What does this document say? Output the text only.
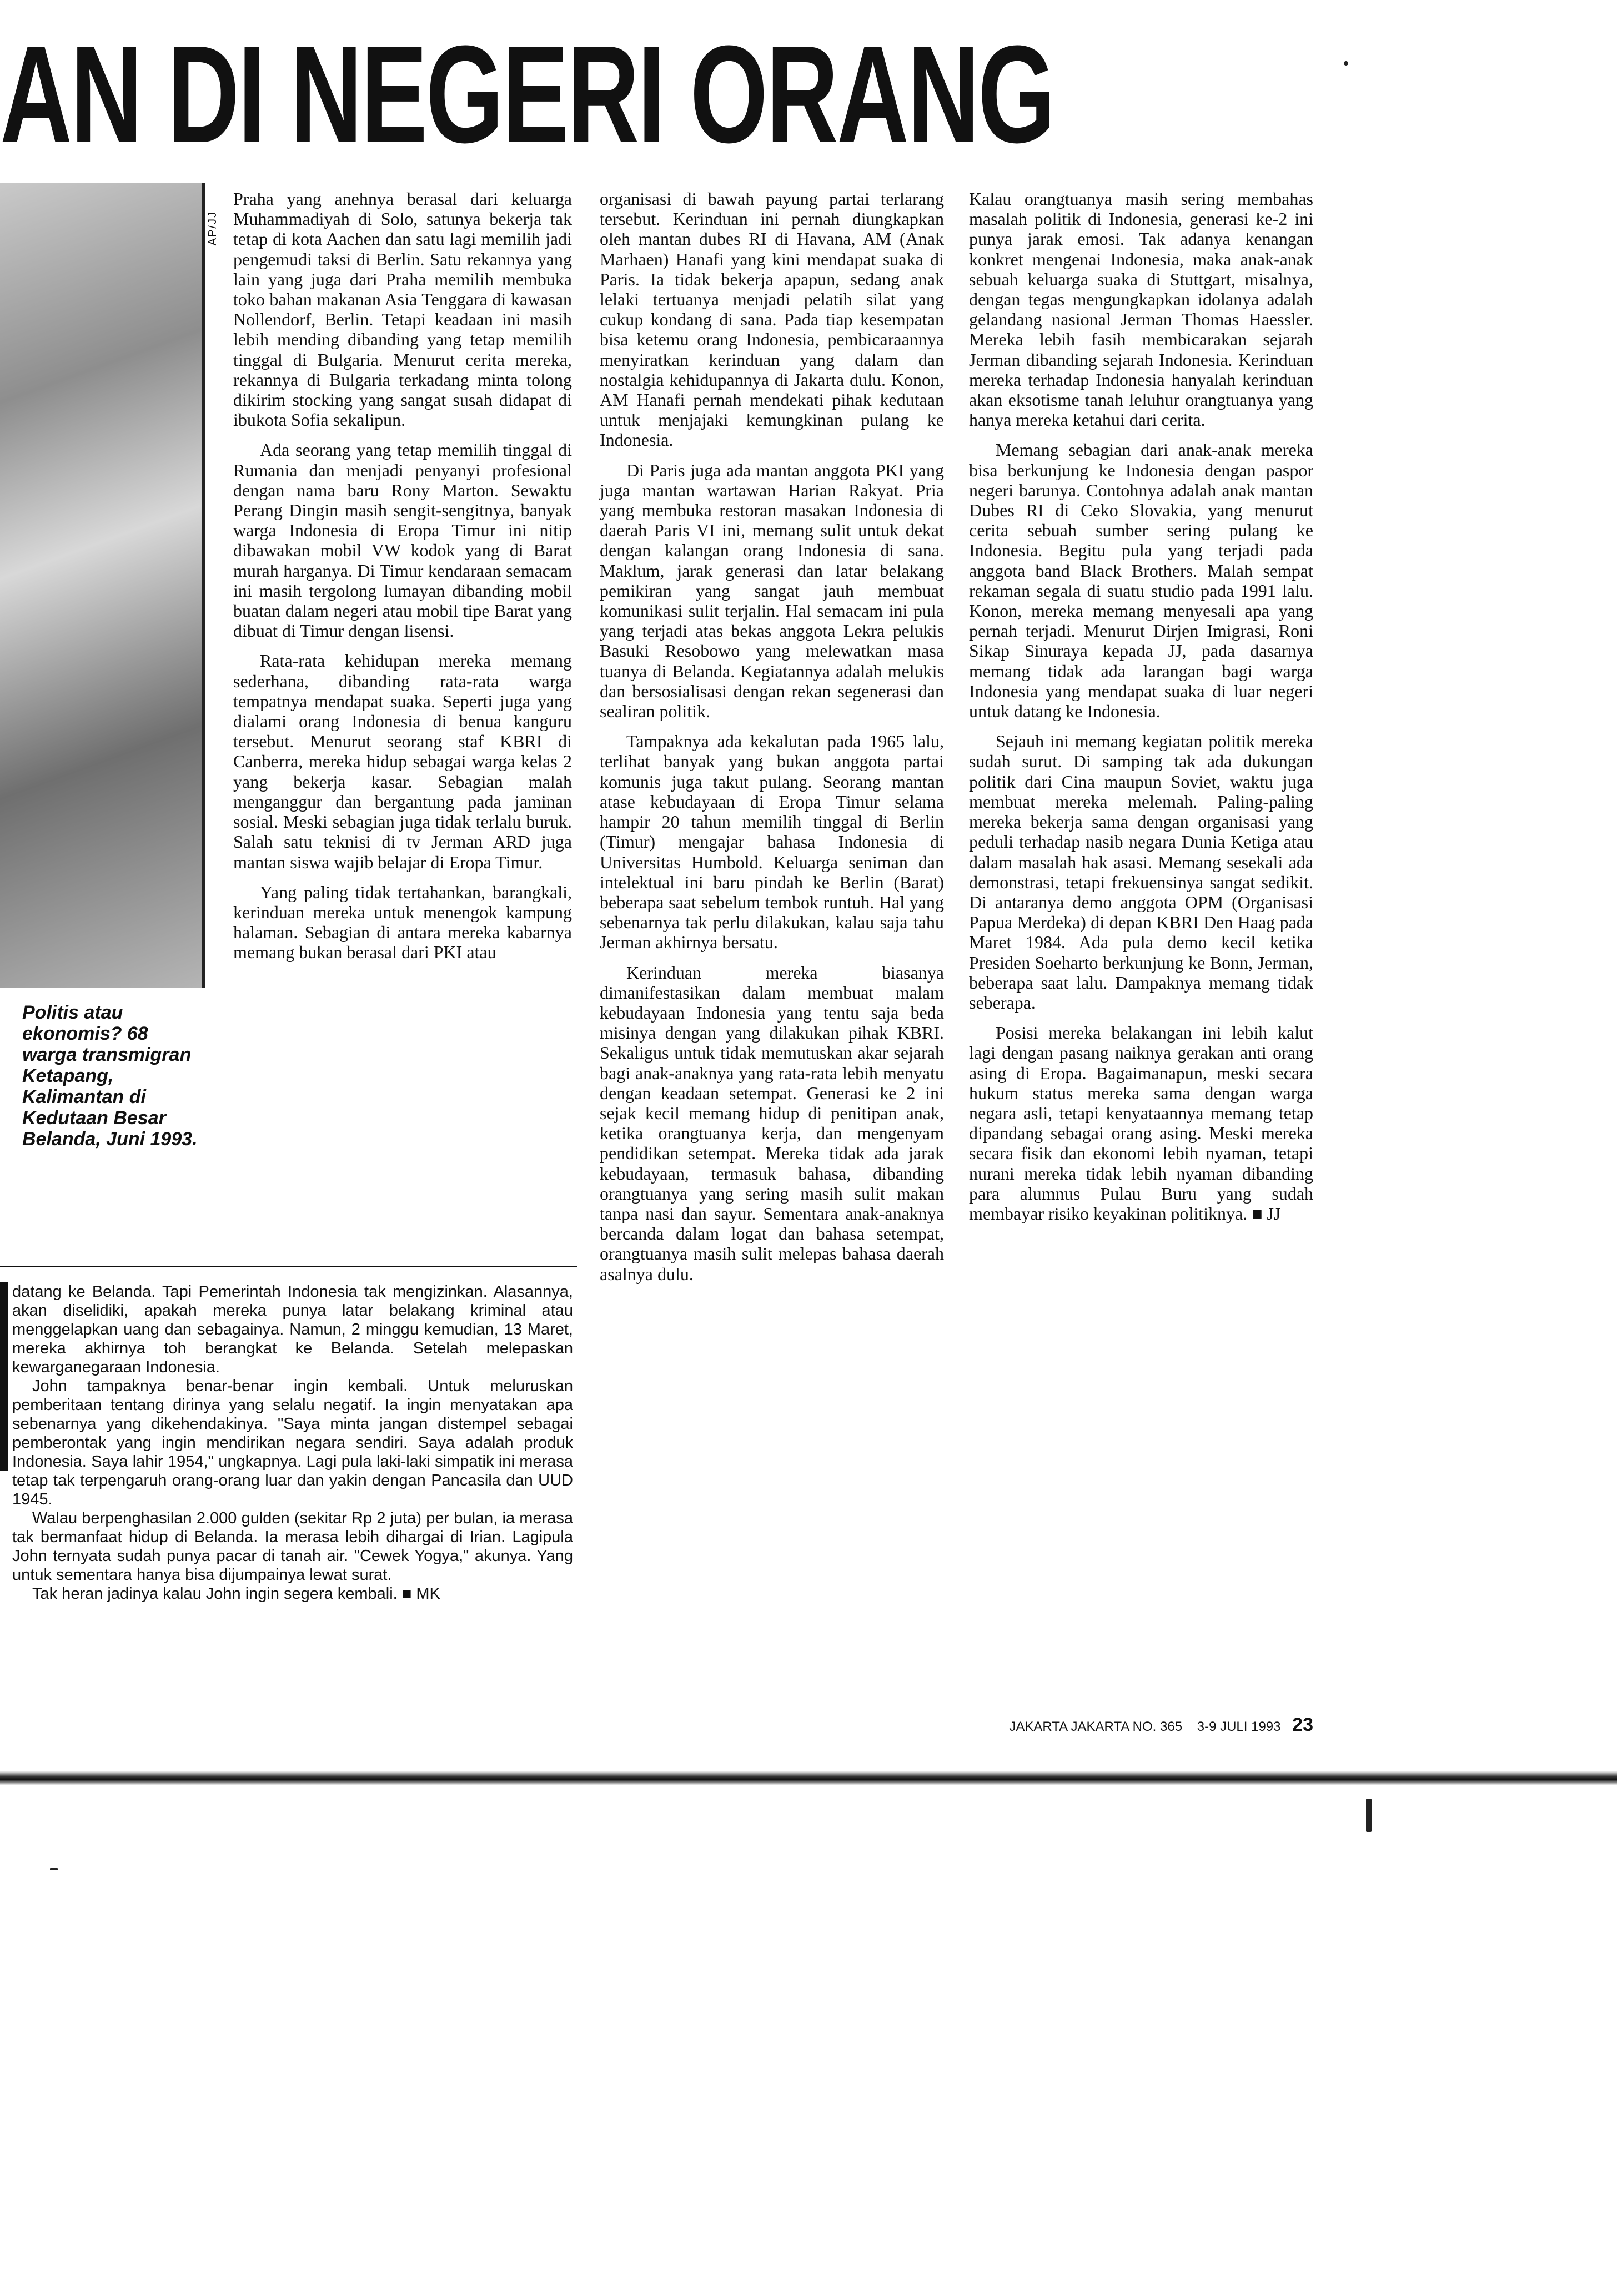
AN DI NEGERI ORANG
AP/JJ
Politis atau ekonomis? 68 warga transmigran Ketapang, Kalimantan di Kedutaan Besar Belanda, Juni 1993.

Praha yang anehnya berasal dari keluarga Muhammadiyah di Solo, satunya bekerja tak tetap di kota Aachen dan satu lagi memilih jadi pengemudi taksi di Berlin. Satu rekannya yang lain yang juga dari Praha memilih membuka toko bahan makanan Asia Tenggara di kawasan Nollendorf, Berlin. Tetapi keadaan ini masih lebih mending dibanding yang tetap memilih tinggal di Bulgaria. Menurut cerita mereka, rekannya di Bulgaria terkadang minta tolong dikirim stocking yang sangat susah didapat di ibukota Sofia sekalipun.

Ada seorang yang tetap memilih tinggal di Rumania dan menjadi penyanyi profesional dengan nama baru Rony Marton. Sewaktu Perang Dingin masih sengit-sengitnya, banyak warga Indonesia di Eropa Timur ini nitip dibawakan mobil VW kodok yang di Barat murah harganya. Di Timur kendaraan semacam ini masih tergolong lumayan dibanding mobil buatan dalam negeri atau mobil tipe Barat yang dibuat di Timur dengan lisensi.

Rata-rata kehidupan mereka memang sederhana, dibanding rata-rata warga tempatnya mendapat suaka. Seperti juga yang dialami orang Indonesia di benua kanguru tersebut. Menurut seorang staf KBRI di Canberra, mereka hidup sebagai warga kelas 2 yang bekerja kasar. Sebagian malah menganggur dan bergantung pada jaminan sosial. Meski sebagian juga tidak terlalu buruk. Salah satu teknisi di tv Jerman ARD juga mantan siswa wajib belajar di Eropa Timur.

Yang paling tidak tertahankan, barangkali, kerinduan mereka untuk menengok kampung halaman. Sebagian di antara mereka kabarnya memang bukan berasal dari PKI atau

organisasi di bawah payung partai terlarang tersebut. Kerinduan ini pernah diungkapkan oleh mantan dubes RI di Havana, AM (Anak Marhaen) Hanafi yang kini mendapat suaka di Paris. Ia tidak bekerja apapun, sedang anak lelaki tertuanya menjadi pelatih silat yang cukup kondang di sana. Pada tiap kesempatan bisa ketemu orang Indonesia, pembicaraannya menyiratkan kerinduan yang dalam dan nostalgia kehidupannya di Jakarta dulu. Konon, AM Hanafi pernah mendekati pihak kedutaan untuk menjajaki kemungkinan pulang ke Indonesia.

Di Paris juga ada mantan anggota PKI yang juga mantan wartawan Harian Rakyat. Pria yang membuka restoran masakan Indonesia di daerah Paris VI ini, memang sulit untuk dekat dengan kalangan orang Indonesia di sana. Maklum, jarak generasi dan latar belakang pemikiran yang sangat jauh membuat komunikasi sulit terjalin. Hal semacam ini pula yang terjadi atas bekas anggota Lekra pelukis Basuki Resobowo yang melewatkan masa tuanya di Belanda. Kegiatannya adalah melukis dan bersosialisasi dengan rekan segenerasi dan sealiran politik.

Tampaknya ada kekalutan pada 1965 lalu, terlihat banyak yang bukan anggota partai komunis juga takut pulang. Seorang mantan atase kebudayaan di Eropa Timur selama hampir 20 tahun memilih tinggal di Berlin (Timur) mengajar bahasa Indonesia di Universitas Humbold. Keluarga seniman dan intelektual ini baru pindah ke Berlin (Barat) beberapa saat sebelum tembok runtuh. Hal yang sebenarnya tak perlu dilakukan, kalau saja tahu Jerman akhirnya bersatu.

Kerinduan mereka biasanya dimanifestasikan dalam membuat malam kebudayaan Indonesia yang tentu saja beda misinya dengan yang dilakukan pihak KBRI. Sekaligus untuk tidak memutuskan akar sejarah bagi anak-anaknya yang rata-rata lebih menyatu dengan keadaan setempat. Generasi ke 2 ini sejak kecil memang hidup di penitipan anak, ketika orangtuanya kerja, dan mengenyam pendidikan setempat. Mereka tidak ada jarak kebudayaan, termasuk bahasa, dibanding orangtuanya yang sering masih sulit makan tanpa nasi dan sayur. Sementara anak-anaknya bercanda dalam logat dan bahasa setempat, orangtuanya masih sulit melepas bahasa daerah asalnya dulu.

Kalau orangtuanya masih sering membahas masalah politik di Indonesia, generasi ke-2 ini punya jarak emosi. Tak adanya kenangan konkret mengenai Indonesia, maka anak-anak sebuah keluarga suaka di Stuttgart, misalnya, dengan tegas mengungkapkan idolanya adalah gelandang nasional Jerman Thomas Haessler. Mereka lebih fasih membicarakan sejarah Jerman dibanding sejarah Indonesia. Kerinduan mereka terhadap Indonesia hanyalah kerinduan akan eksotisme tanah leluhur orangtuanya yang hanya mereka ketahui dari cerita.

Memang sebagian dari anak-anak mereka bisa berkunjung ke Indonesia dengan paspor negeri barunya. Contohnya adalah anak mantan Dubes RI di Ceko Slovakia, yang menurut cerita sebuah sumber sering pulang ke Indonesia. Begitu pula yang terjadi pada anggota band Black Brothers. Malah sempat rekaman segala di suatu studio pada 1991 lalu. Konon, mereka memang menyesali apa yang pernah terjadi. Menurut Dirjen Imigrasi, Roni Sikap Sinuraya kepada JJ, pada dasarnya memang tidak ada larangan bagi warga Indonesia yang mendapat suaka di luar negeri untuk datang ke Indonesia.

Sejauh ini memang kegiatan politik mereka sudah surut. Di samping tak ada dukungan politik dari Cina maupun Soviet, waktu juga membuat mereka melemah. Paling-paling mereka bekerja sama dengan organisasi yang peduli terhadap nasib negara Dunia Ketiga atau dalam masalah hak asasi. Memang sesekali ada demonstrasi, tetapi frekuensinya sangat sedikit. Di antaranya demo anggota OPM (Organisasi Papua Merdeka) di depan KBRI Den Haag pada Maret 1984. Ada pula demo kecil ketika Presiden Soeharto berkunjung ke Bonn, Jerman, beberapa saat lalu. Dampaknya memang tidak seberapa.

Posisi mereka belakangan ini lebih kalut lagi dengan pasang naiknya gerakan anti orang asing di Eropa. Bagaimanapun, meski secara hukum status mereka sama dengan warga negara asli, tetapi kenyataannya memang tetap dipandang sebagai orang asing. Meski mereka secara fisik dan ekonomi lebih nyaman, tetapi nurani mereka tidak lebih nyaman dibanding para alumnus Pulau Buru yang sudah membayar risiko keyakinan politiknya. ■ JJ

datang ke Belanda. Tapi Pemerintah Indonesia tak mengizinkan. Alasannya, akan diselidiki, apakah mereka punya latar belakang kriminal atau menggelapkan uang dan sebagainya. Namun, 2 minggu kemudian, 13 Maret, mereka akhirnya toh berangkat ke Belanda. Setelah melepaskan kewarganegaraan Indonesia.

John tampaknya benar-benar ingin kembali. Untuk meluruskan pemberitaan tentang dirinya yang selalu negatif. Ia ingin menyatakan apa sebenarnya yang dikehendakinya. "Saya minta jangan distempel sebagai pemberontak yang ingin mendirikan negara sendiri. Saya adalah produk Indonesia. Saya lahir 1954," ungkapnya. Lagi pula laki-laki simpatik ini merasa tetap tak terpengaruh orang-orang luar dan yakin dengan Pancasila dan UUD 1945.

Walau berpenghasilan 2.000 gulden (sekitar Rp 2 juta) per bulan, ia merasa tak bermanfaat hidup di Belanda. Ia merasa lebih dihargai di Irian. Lagipula John ternyata sudah punya pacar di tanah air. "Cewek Yogya," akunya. Yang untuk sementara hanya bisa dijumpainya lewat surat.

Tak heran jadinya kalau John ingin segera kembali. ■ MK

JAKARTA JAKARTA NO. 365 3-9 JULI 1993 23
